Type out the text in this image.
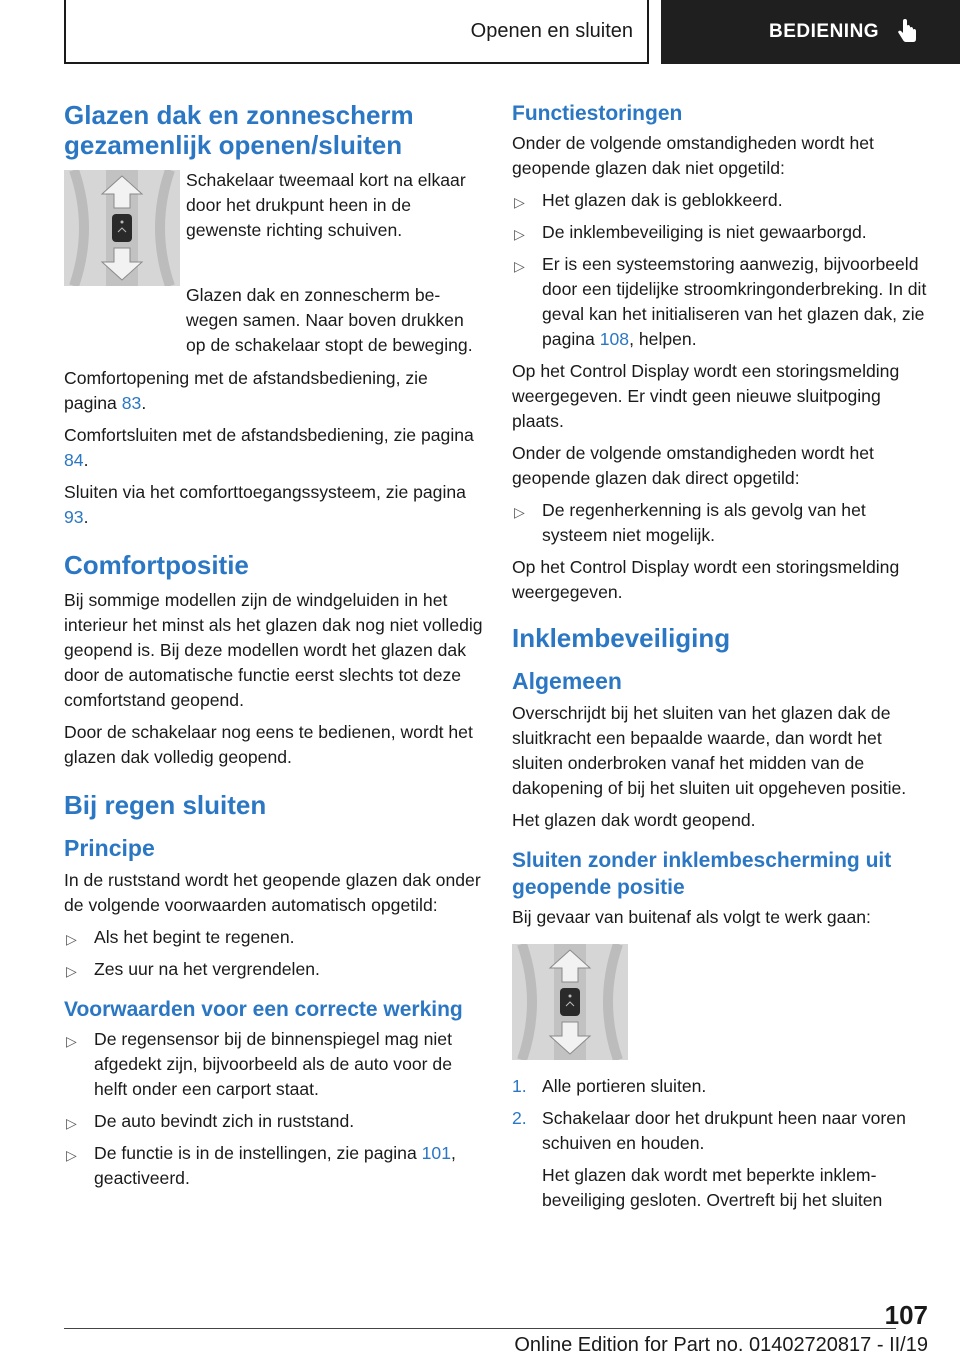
Openen en sluiten	BEDIENING
Glazen dak en zonnescherm gezamenlijk openen/sluiten

Schakelaar tweemaal kort na elkaar door het drukpunt heen in de gewenste richting schuiven.

Glazen dak en zonnescherm bewegen samen. Naar boven drukken op de schakelaar stopt de beweging.

Comfortopening met de afstandsbediening, zie pagina 83.

Comfortsluiten met de afstandsbediening, zie pagina 84.

Sluiten via het comforttoegangssysteem, zie pagina 93.

Comfortpositie

Bij sommige modellen zijn de windgeluiden in het interieur het minst als het glazen dak nog niet volledig geopend is. Bij deze modellen wordt het glazen dak door de automatische functie eerst slechts tot deze comfortstand geopend.

Door de schakelaar nog eens te bedienen, wordt het glazen dak volledig geopend.

Bij regen sluiten
Principe

In de ruststand wordt het geopende glazen dak onder de volgende voorwaarden automatisch opgetild:

▷ Als het begint te regenen.
▷ Zes uur na het vergrendelen.
Voorwaarden voor een correcte werking
▷ De regensensor bij de binnenspiegel mag niet afgedekt zijn, bijvoorbeeld als de auto voor de helft onder een carport staat.
▷ De auto bevindt zich in ruststand.
▷ De functie is in de instellingen, zie pagina 101, geactiveerd.
Functiestoringen

Onder de volgende omstandigheden wordt het geopende glazen dak niet opgetild:

▷ Het glazen dak is geblokkeerd.
▷ De inklembeveiliging is niet gewaarborgd.
▷ Er is een systeemstoring aanwezig, bijvoorbeeld door een tijdelijke stroomkringonderbreking. In dit geval kan het initialiseren van het glazen dak, zie pagina 108, helpen.

Op het Control Display wordt een storingsmelding weergegeven. Er vindt geen nieuwe sluitpoging plaats.

Onder de volgende omstandigheden wordt het geopende glazen dak direct opgetild:

▷ De regenherkenning is als gevolg van het systeem niet mogelijk.

Op het Control Display wordt een storingsmelding weergegeven.

Inklembeveiliging
Algemeen

Overschrijdt bij het sluiten van het glazen dak de sluitkracht een bepaalde waarde, dan wordt het sluiten onderbroken vanaf het midden van de dakopening of bij het sluiten uit opgeheven positie.

Het glazen dak wordt geopend.

Sluiten zonder inklembescherming uit geopende positie

Bij gevaar van buitenaf als volgt te werk gaan:

1. Alle portieren sluiten.
2. Schakelaar door het drukpunt heen naar voren schuiven en houden.

Het glazen dak wordt met beperkte inklembeveiliging gesloten. Overtreft bij het sluiten

107
Online Edition for Part no. 01402720817 - II/19
